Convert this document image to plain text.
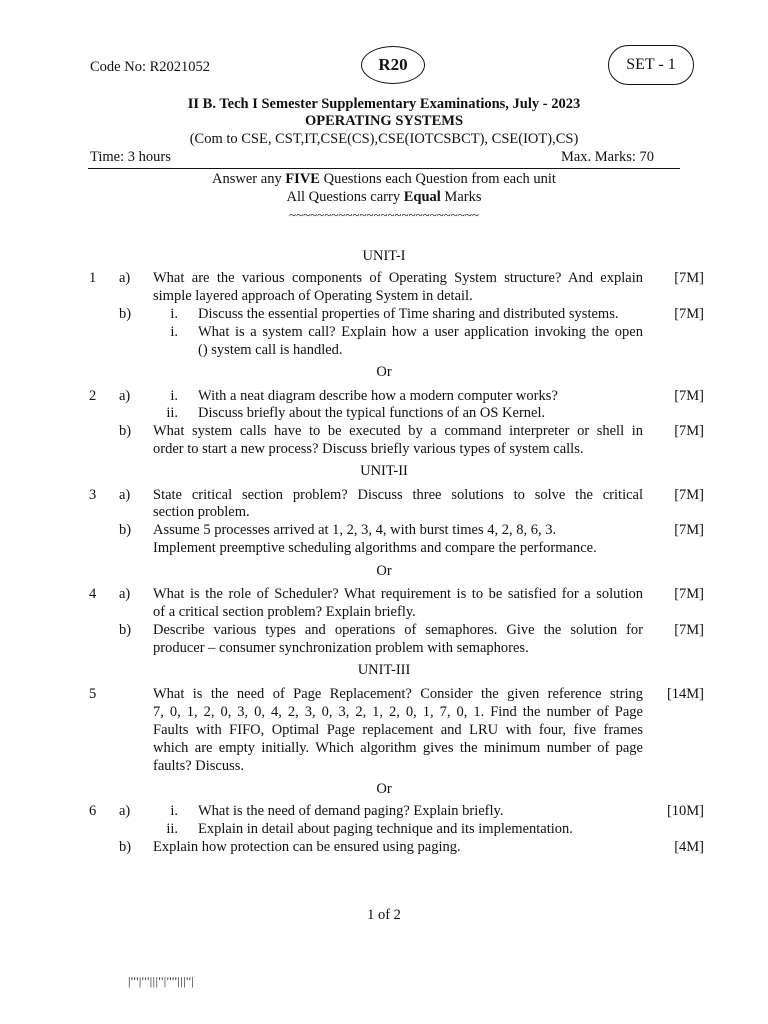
Code No: R2021052	R20	SET - 1
II B. Tech I Semester Supplementary Examinations, July - 2023
OPERATING SYSTEMS
(Com to CSE, CST,IT,CSE(CS),CSE(IOTCSBCT), CSE(IOT),CS)
Time: 3 hours	Max. Marks: 70
Answer any FIVE Questions each Question from each unit
All Questions carry Equal Marks
~~~~~~~~~~~~~~~~~~~~~~~~~~~
UNIT-I
1 a) What are the various components of Operating System structure? And explain
simple layered approach of Operating System in detail.
[7M]
b)	i. Discuss the essential properties of Time sharing and distributed systems.	[7M]
i. What is a system call? Explain how a user application invoking the open
() system call is handled.
Or
2 a)	i. With a neat diagram describe how a modern computer works?	[7M]
ii. Discuss briefly about the typical functions of an OS Kernel.
b) What system calls have to be executed by a command interpreter or shell in
order to start a new process? Discuss briefly various types of system calls.
[7M]
UNIT-II
3 a) State critical section problem? Discuss three solutions to solve the critical
section problem.
[7M]
b) Assume 5 processes arrived at 1, 2, 3, 4, with burst times 4, 2, 8, 6, 3.
Implement preemptive scheduling algorithms and compare the performance.
[7M]
Or
4 a) What is the role of Scheduler? What requirement is to be satisfied for a solution
of a critical section problem? Explain briefly.
[7M]
b) Describe various types and operations of semaphores. Give the solution for
producer – consumer synchronization problem with semaphores.
[7M]
UNIT-III
5	What is the need of Page Replacement? Consider the given reference string
7, 0, 1, 2, 0, 3, 0, 4, 2, 3, 0, 3, 2, 1, 2, 0, 1, 7, 0, 1. Find the number of Page
Faults with FIFO, Optimal Page replacement and LRU with four, five frames
which are empty initially. Which algorithm gives the minimum number of page
faults? Discuss.
[14M]
Or
6 a)	i. What is the need of demand paging? Explain briefly.	[10M]
ii. Explain in detail about paging technique and its implementation.
b) Explain how protection can be ensured using paging.	[4M]
1 of 2
|'''|'''|||''|''''|||''|
